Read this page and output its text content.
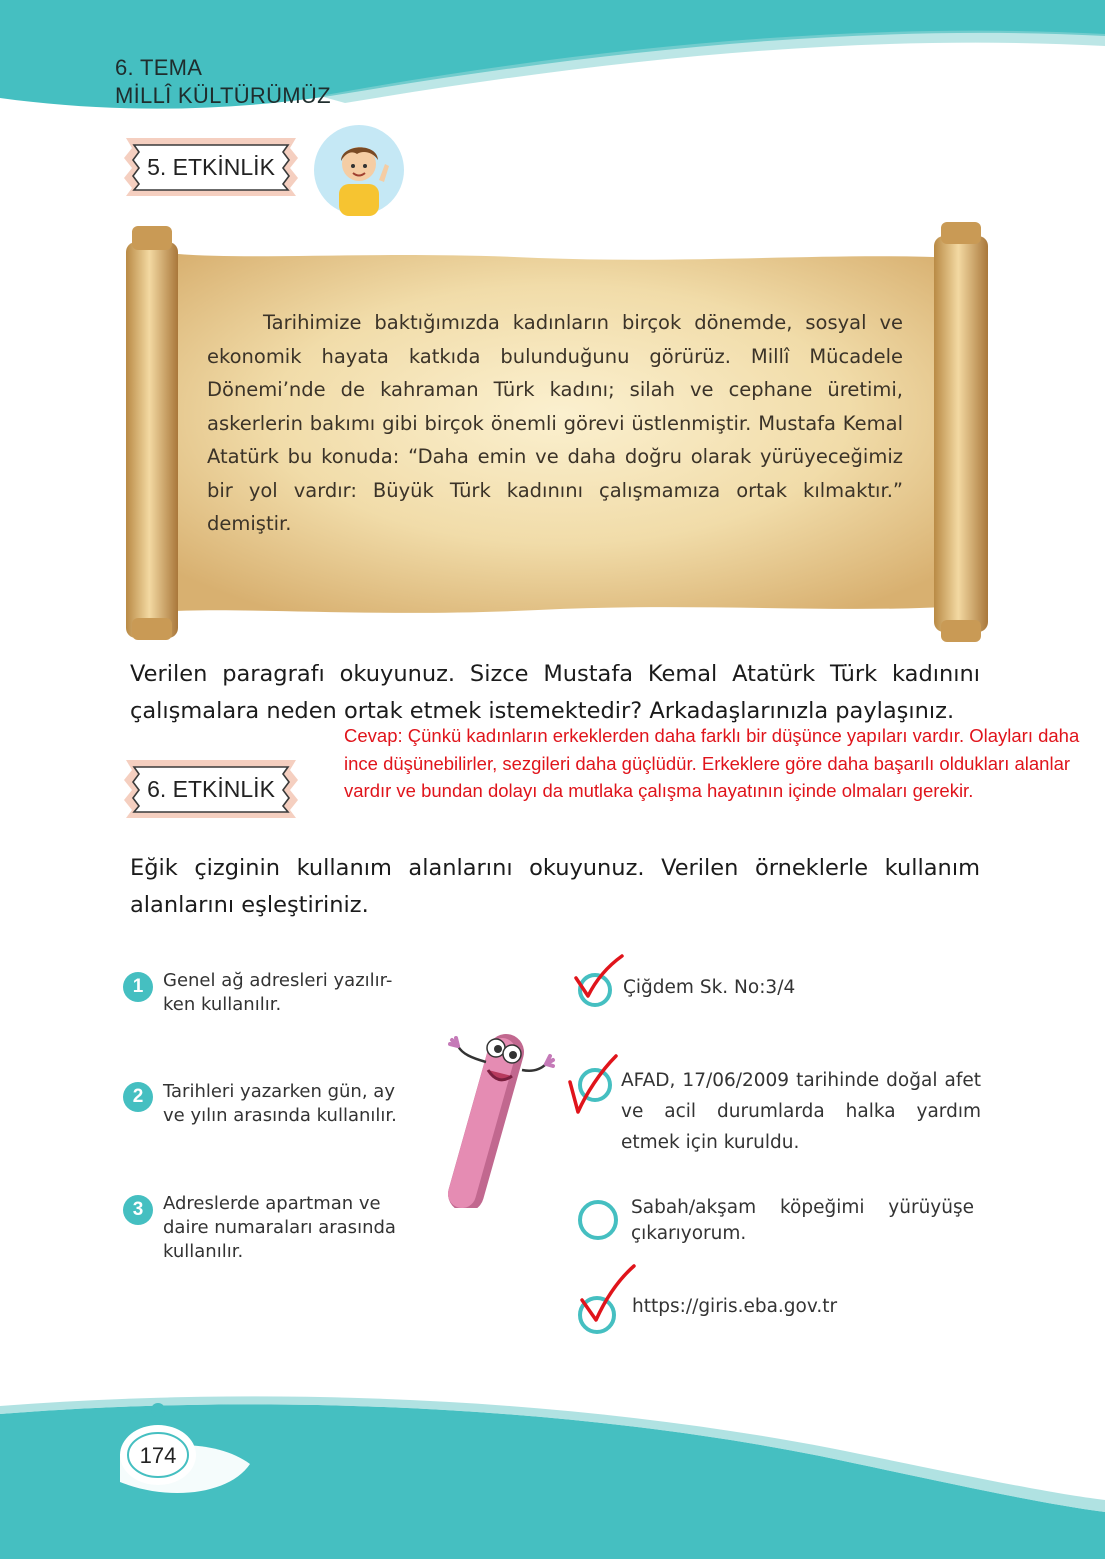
6. TEMA
MİLLÎ KÜLTÜRÜMÜZ
5. ETKİNLİK
Tarihimize baktığımızda kadınların birçok dönemde, sosyal ve ekonomik hayata katkıda bulunduğunu görürüz. Millî Mücadele Dönemi’nde de kahraman Türk kadını; silah ve cephane üretimi, askerlerin bakımı gibi birçok önemli görevi üstlenmiştir. Mustafa Kemal Atatürk bu konuda: “Daha emin ve daha doğru olarak yürüyeceğimiz bir yol vardır: Büyük Türk kadınını çalışmamıza ortak kılmaktır.” demiştir.
Verilen paragrafı okuyunuz. Sizce Mustafa Kemal Atatürk Türk kadınını çalışmalara neden ortak etmek istemektedir? Arkadaşlarınızla paylaşınız.
Cevap: Çünkü kadınların erkeklerden daha farklı bir düşünce yapıları vardır. Olayları daha ince düşünebilirler, sezgileri daha güçlüdür. Erkeklere göre daha başarılı oldukları alanlar vardır ve bundan dolayı da mutlaka çalışma hayatının içinde olmaları gerekir.
6. ETKİNLİK
Eğik çizginin kullanım alanlarını okuyunuz. Verilen örneklerle kullanım alanlarını eşleştiriniz.
1	Genel ağ adresleri yazılır- ken kullanılır.
2	Tarihleri yazarken gün, ay ve yılın arasında kullanılır.
3	Adreslerde apartman ve daire numaraları arasında kullanılır.
Çiğdem Sk. No:3/4
AFAD, 17/06/2009 tarihinde doğal afet ve acil durumlarda halka yardım etmek için kuruldu.
Sabah/akşam köpeğimi yürüyüşe çıkarıyorum.
https://giris.eba.gov.tr
174
